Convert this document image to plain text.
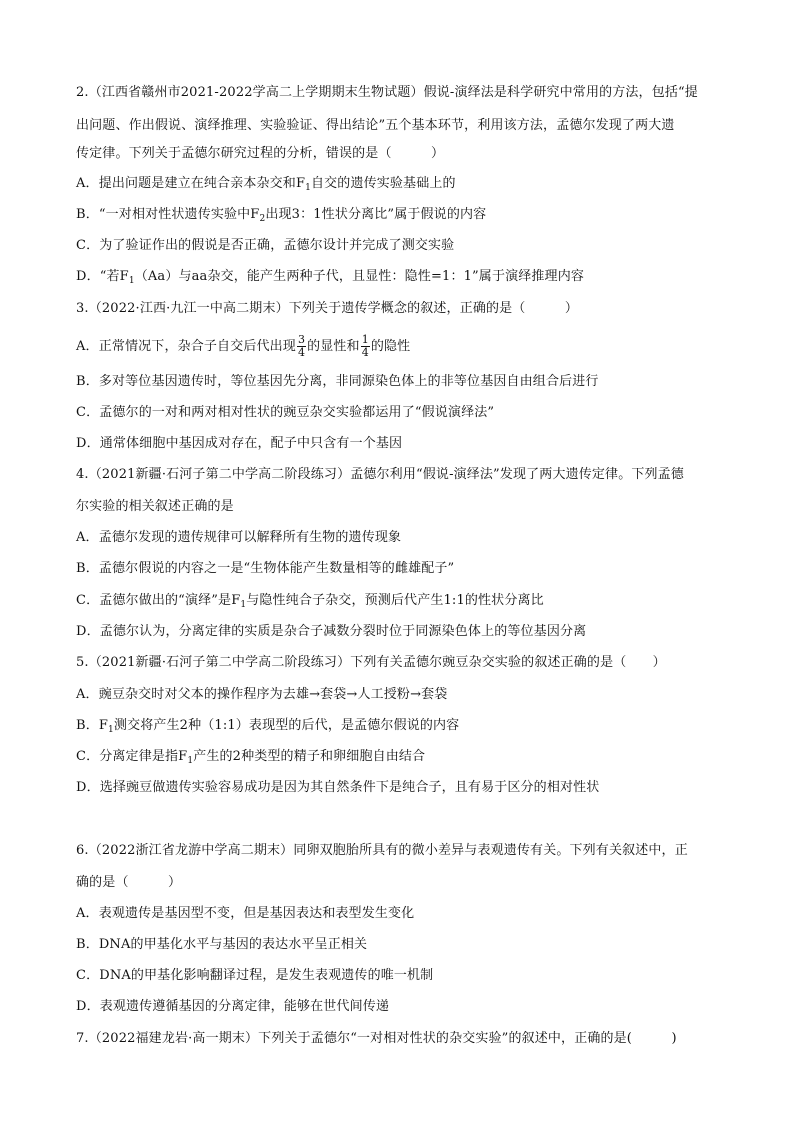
2.（江西省赣州市2021-2022学高二上学期期末生物试题）假说-演绎法是科学研究中常用的方法，包括“提
出问题、作出假说、演绎推理、实验验证、得出结论”五个基本环节，利用该方法，孟德尔发现了两大遗
传定律。下列关于孟德尔研究过程的分析，错误的是（　　　）
A．提出问题是建立在纯合亲本杂交和$F_1$自交的遗传实验基础上的
B．“一对相对性状遗传实验中$F_2$出现3：1性状分离比”属于假说的内容
C．为了验证作出的假说是否正确，孟德尔设计并完成了测交实验
D．“若$F_1(Aa)$与aa杂交，能产生两种子代，且显性：隐性=1：1”属于演绎推理内容
3.（2022·江西·九江一中高二期末）下列关于遗传学概念的叙述，正确的是（　　　）
A．正常情况下，杂合子自交后代出现 $\frac{3}{4}$ 的显性和 $\frac{1}{4}$ 的隐性
B．多对等位基因遗传时，等位基因先分离，非同源染色体上的非等位基因自由组合后进行
C．孟德尔的一对和两对相对性状的豌豆杂交实验都运用了“假说演绎法”
D．通常体细胞中基因成对存在，配子中只含有一个基因
4.（2021新疆·石河子第二中学高二阶段练习）孟德尔利用“假说-演绎法”发现了两大遗传定律。下列孟德
尔实验的相关叙述正确的是
A．孟德尔发现的遗传规律可以解释所有生物的遗传现象
B．孟德尔假说的内容之一是“生物体能产生数量相等的雌雄配子”
C．孟德尔做出的“演绎”是$F_1$与隐性纯合子杂交，预测后代产生1:1的性状分离比
D．孟德尔认为，分离定律的实质是杂合子减数分裂时位于同源染色体上的等位基因分离
5.（2021新疆·石河子第二中学高二阶段练习）下列有关孟德尔豌豆杂交实验的叙述正确的是（　　）
A．豌豆杂交时对父本的操作程序为去雄→套袋→人工授粉→套袋
B．$F_1$测交将产生2种（1:1）表现型的后代，是孟德尔假说的内容
C．分离定律是指$F_1$产生的2种类型的精子和卵细胞自由结合
D．选择豌豆做遗传实验容易成功是因为其自然条件下是纯合子，且有易于区分的相对性状
6.（2022浙江省龙游中学高二期末）同卵双胞胎所具有的微小差异与表观遗传有关。下列有关叙述中，正
确的是（　　　）
A．表观遗传是基因型不变，但是基因表达和表型发生变化
B．DNA的甲基化水平与基因的表达水平呈正相关
C．DNA的甲基化影响翻译过程，是发生表观遗传的唯一机制
D．表观遗传遵循基因的分离定律，能够在世代间传递
7.（2022福建龙岩·高一期末）下列关于孟德尔“一对相对性状的杂交实验”的叙述中，正确的是(　　　)
